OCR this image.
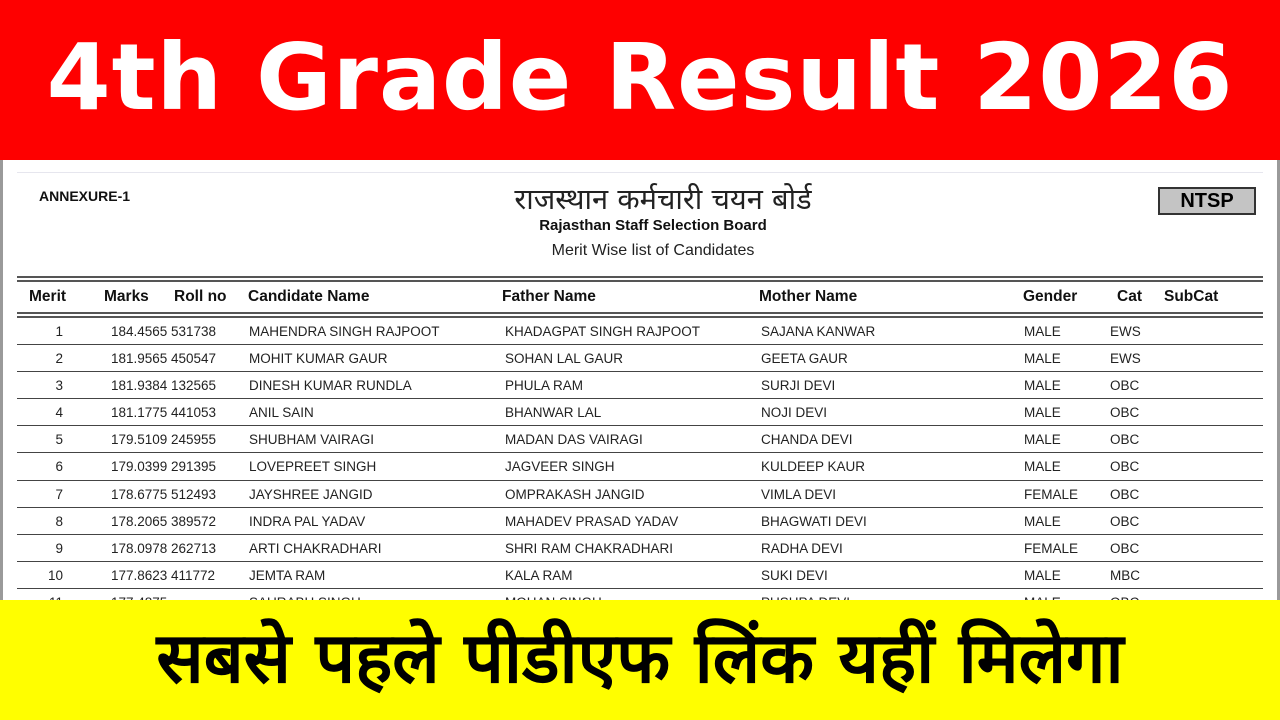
4th Grade Result 2026
ANNEXURE-1	राजस्थान कर्मचारी चयन बोर्ड
Rajasthan Staff Selection Board
Merit Wise list of Candidates
NTSP
Merit Marks Roll no Candidate Name	Father Name	Mother Name	Gender	Cat SubCat
1	184.4565 531738 MAHENDRA SINGH RAJPOOT	KHADAGPAT SINGH RAJPOOT	SAJANA KANWAR	MALE	EWS
2	181.9565 450547 MOHIT KUMAR GAUR	SOHAN LAL GAUR	GEETA GAUR	MALE	EWS
3	181.9384 132565 DINESH KUMAR RUNDLA	PHULA RAM	SURJI DEVI	MALE	OBC
4	181.1775 441053 ANIL SAIN	BHANWAR LAL	NOJI DEVI	MALE	OBC
5	179.5109 245955 SHUBHAM VAIRAGI	MADAN DAS VAIRAGI	CHANDA DEVI	MALE	OBC
6	179.0399 291395 LOVEPREET SINGH	JAGVEER SINGH	KULDEEP KAUR	MALE	OBC
7	178.6775 512493 JAYSHREE JANGID	OMPRAKASH JANGID	VIMLA DEVI	FEMALE OBC
8	178.2065 389572 INDRA PAL YADAV	MAHADEV PRASAD YADAV	BHAGWATI DEVI	MALE	OBC
9	178.0978 262713 ARTI CHAKRADHARI	SHRI RAM CHAKRADHARI	RADHA DEVI	FEMALE OBC
10	177.8623 411772	JEMTA RAM	KALA RAM	SUKI DEVI	MALE	MBC
सबसे पहले पीडीएफ लिंक यहीं मिलेगा
